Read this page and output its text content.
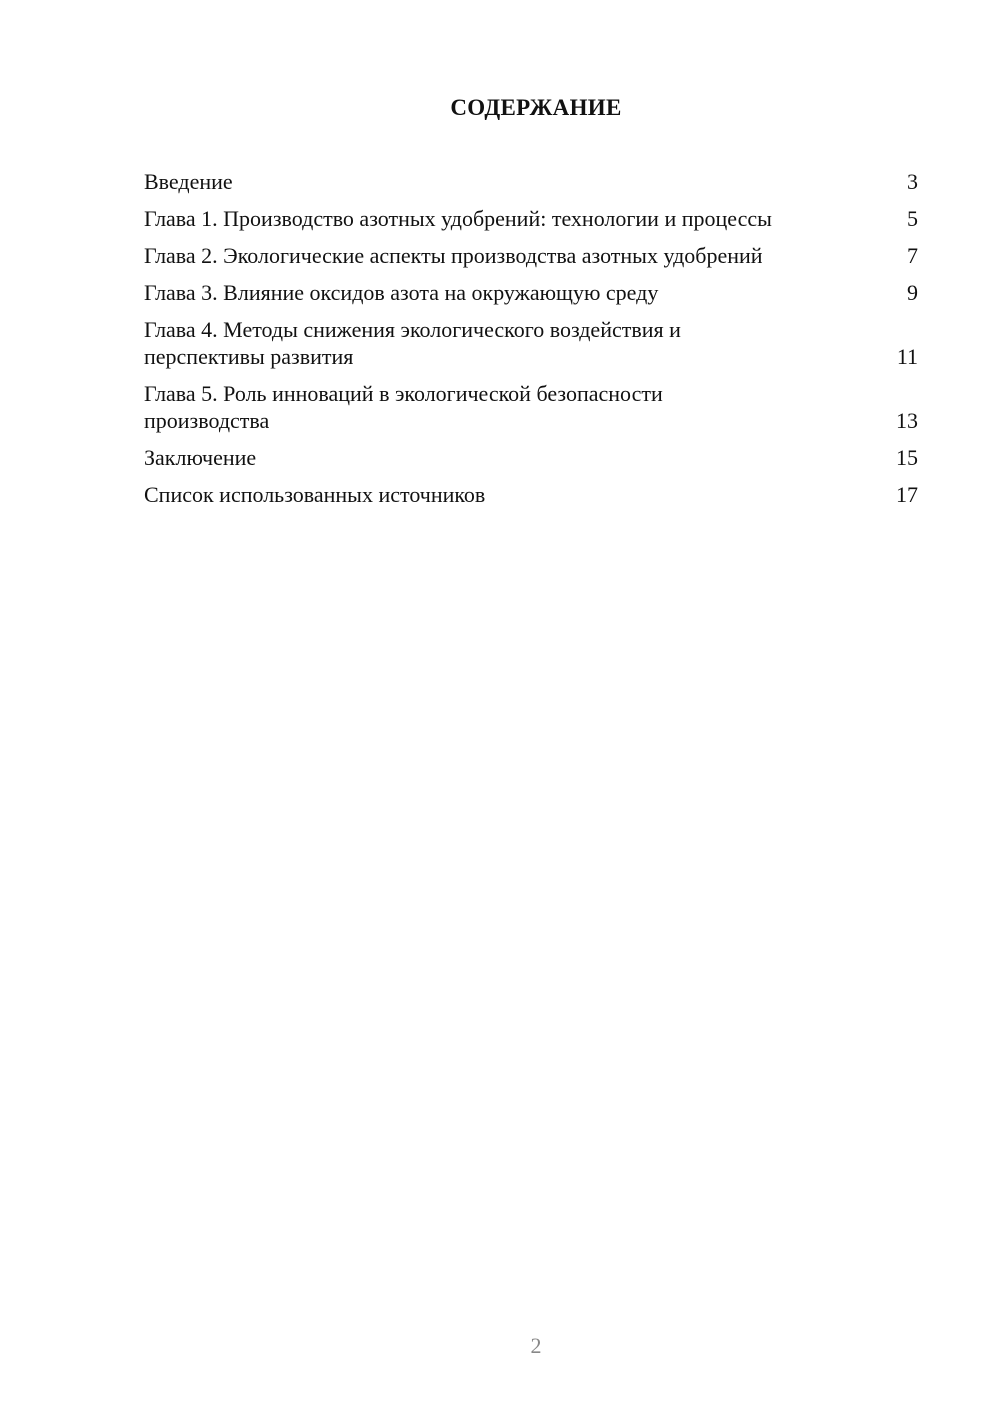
СОДЕРЖАНИЕ
Введение	3
Глава 1. Производство азотных удобрений: технологии и процессы	5
Глава 2. Экологические аспекты производства азотных удобрений	7
Глава 3. Влияние оксидов азота на окружающую среду	9
Глава 4. Методы снижения экологического воздействия и перспективы развития	11
Глава 5. Роль инноваций в экологической безопасности производства	13
Заключение	15
Список использованных источников	17
2
